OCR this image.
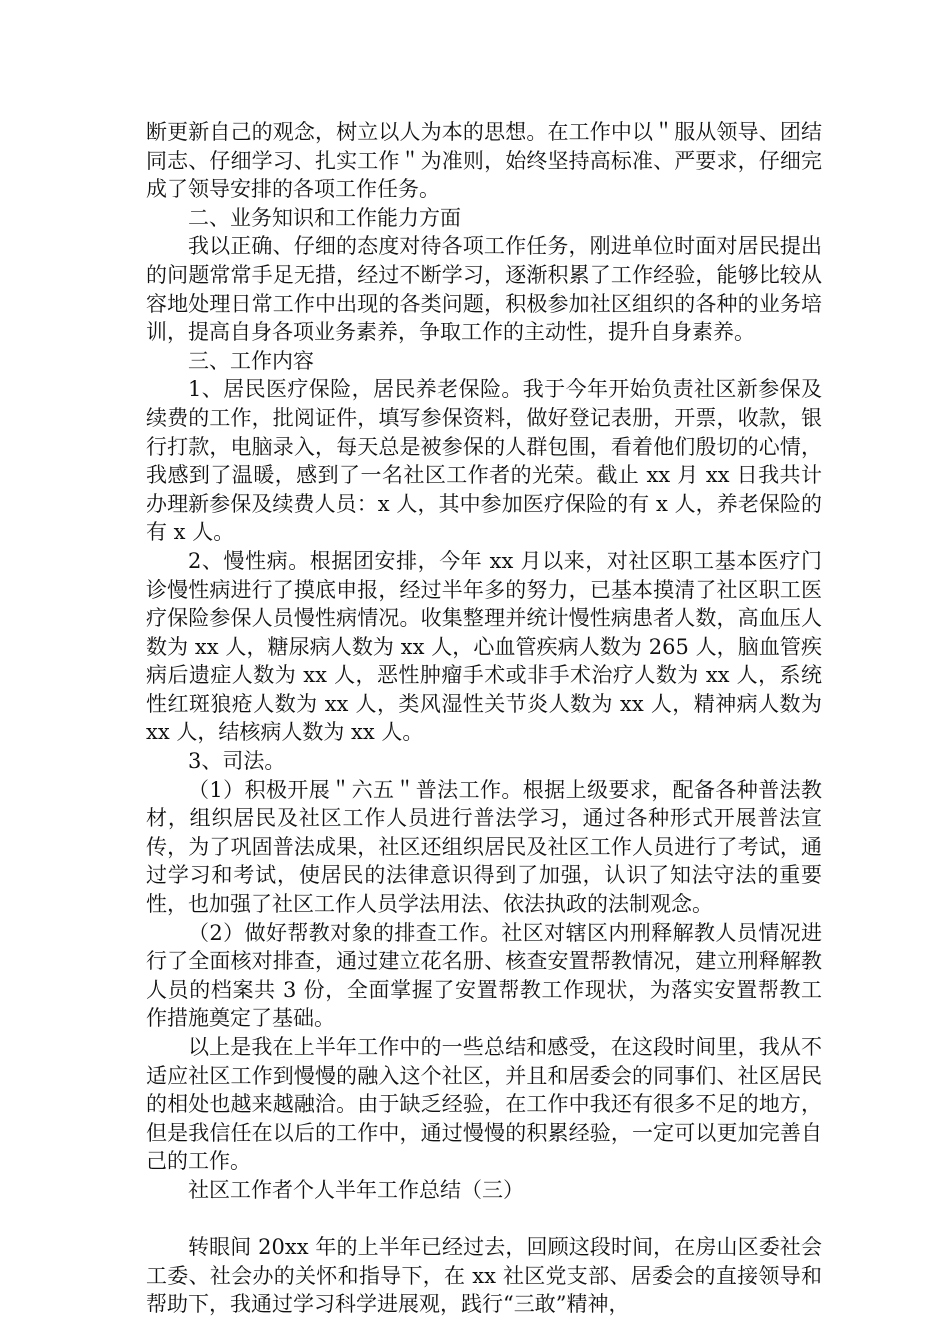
断更新自己的观念，树立以人为本的思想。在工作中以＂服从领导、团结同志、仔细学习、扎实工作＂为准则，始终坚持高标准、严要求，仔细完成了领导安排的各项工作任务。

二、业务知识和工作能力方面

我以正确、仔细的态度对待各项工作任务，刚进单位时面对居民提出的问题常常手足无措，经过不断学习，逐渐积累了工作经验，能够比较从容地处理日常工作中出现的各类问题，积极参加社区组织的各种的业务培训，提高自身各项业务素养，争取工作的主动性，提升自身素养。

三、工作内容

1、居民医疗保险，居民养老保险。我于今年开始负责社区新参保及续费的工作，批阅证件，填写参保资料，做好登记表册，开票，收款，银行打款，电脑录入，每天总是被参保的人群包围，看着他们殷切的心情，我感到了温暖，感到了一名社区工作者的光荣。截止 xx 月 xx 日我共计办理新参保及续费人员：x 人，其中参加医疗保险的有 x 人，养老保险的有 x 人。

2、慢性病。根据团安排，今年 xx 月以来，对社区职工基本医疗门诊慢性病进行了摸底申报，经过半年多的努力，已基本摸清了社区职工医疗保险参保人员慢性病情况。收集整理并统计慢性病患者人数，高血压人数为 xx 人，糖尿病人数为 xx 人，心血管疾病人数为 265 人，脑血管疾病后遗症人数为 xx 人，恶性肿瘤手术或非手术治疗人数为 xx 人，系统性红斑狼疮人数为 xx 人，类风湿性关节炎人数为 xx 人，精神病人数为 xx 人，结核病人数为 xx 人。

3、司法。

（1）积极开展＂六五＂普法工作。根据上级要求，配备各种普法教材，组织居民及社区工作人员进行普法学习，通过各种形式开展普法宣传，为了巩固普法成果，社区还组织居民及社区工作人员进行了考试，通过学习和考试，使居民的法律意识得到了加强，认识了知法守法的重要性，也加强了社区工作人员学法用法、依法执政的法制观念。

（2）做好帮教对象的排查工作。社区对辖区内刑释解教人员情况进行了全面核对排查，通过建立花名册、核查安置帮教情况，建立刑释解教人员的档案共 3 份，全面掌握了安置帮教工作现状，为落实安置帮教工作措施奠定了基础。

以上是我在上半年工作中的一些总结和感受，在这段时间里，我从不适应社区工作到慢慢的融入这个社区，并且和居委会的同事们、社区居民的相处也越来越融洽。由于缺乏经验，在工作中我还有很多不足的地方，但是我信任在以后的工作中，通过慢慢的积累经验，一定可以更加完善自己的工作。

社区工作者个人半年工作总结（三）

转眼间 20xx 年的上半年已经过去，回顾这段时间，在房山区委社会工委、社会办的关怀和指导下，在 xx 社区党支部、居委会的直接领导和帮助下，我通过学习科学进展观，践行“三敢”精神，
